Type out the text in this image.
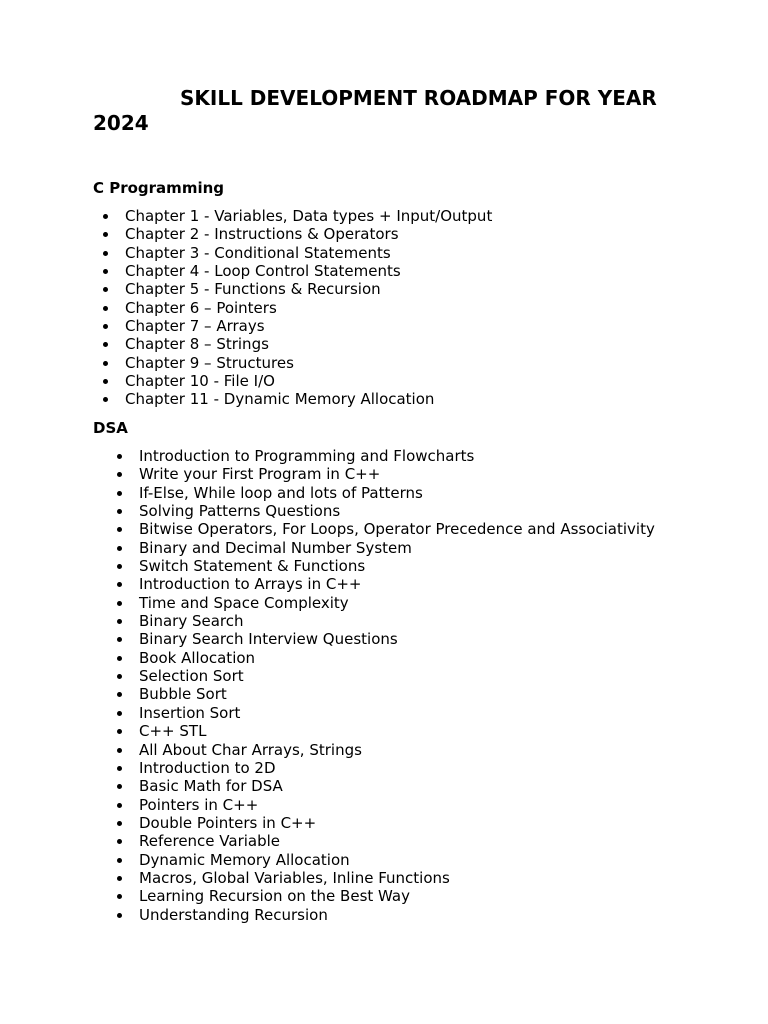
SKILL DEVELOPMENT ROADMAP FOR YEAR 2024
C Programming
Chapter 1 - Variables, Data types + Input/Output
Chapter 2 - Instructions & Operators
Chapter 3 - Conditional Statements
Chapter 4 - Loop Control Statements
Chapter 5 - Functions & Recursion
Chapter 6 – Pointers
Chapter 7 – Arrays
Chapter 8 – Strings
Chapter 9 – Structures
Chapter 10 - File I/O
Chapter 11 - Dynamic Memory Allocation
DSA
Introduction to Programming and Flowcharts
Write your First Program in C++
If-Else, While loop and lots of Patterns
Solving Patterns Questions
Bitwise Operators, For Loops, Operator Precedence and Associativity
Binary and Decimal Number System
Switch Statement & Functions
Introduction to Arrays in C++
Time and Space Complexity
Binary Search
Binary Search Interview Questions
Book Allocation
Selection Sort
Bubble Sort
Insertion Sort
C++ STL
All About Char Arrays, Strings
Introduction to 2D
Basic Math for DSA
Pointers in C++
Double Pointers in C++
Reference Variable
Dynamic Memory Allocation
Macros, Global Variables, Inline Functions
Learning Recursion on the Best Way
Understanding Recursion
